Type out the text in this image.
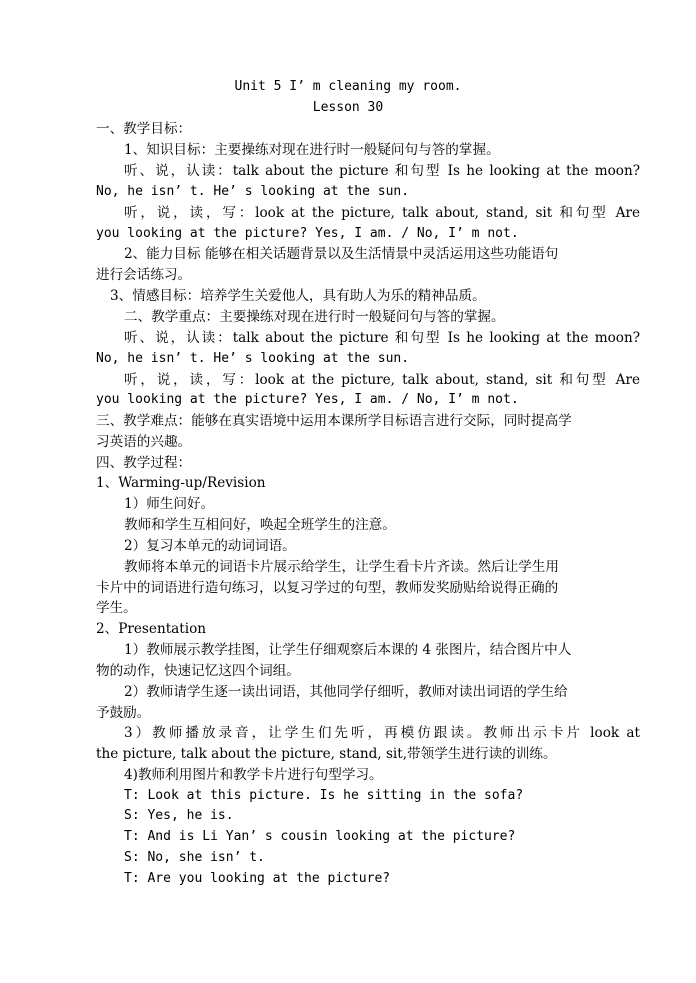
Unit 5 I’ m cleaning my room.
Lesson 30
一、教学目标：
1、知识目标：主要操练对现在进行时一般疑问句与答的掌握。
听、说，认读：talk about the picture 和句型 Is he looking at the moon?
No, he isn’ t. He’ s looking at the sun.
听，说，读，写：look at the picture, talk about, stand, sit 和句型 Are
you looking at the picture? Yes, I am. / No, I’ m not.
2、能力目标 能够在相关话题背景以及生活情景中灵活运用这些功能语句
进行会话练习。
3、情感目标：培养学生关爱他人，具有助人为乐的精神品质。
二、教学重点：主要操练对现在进行时一般疑问句与答的掌握。
听、说，认读：talk about the picture 和句型 Is he looking at the moon?
No, he isn’ t. He’ s looking at the sun.
听，说，读，写：look at the picture, talk about, stand, sit 和句型 Are
you looking at the picture? Yes, I am. / No, I’ m not.
三、教学难点：能够在真实语境中运用本课所学目标语言进行交际，同时提高学
习英语的兴趣。
四、教学过程：
1、Warming-up/Revision
1）师生问好。
教师和学生互相问好，唤起全班学生的注意。
2）复习本单元的动词词语。
教师将本单元的词语卡片展示给学生，让学生看卡片齐读。然后让学生用
卡片中的词语进行造句练习，以复习学过的句型，教师发奖励贴给说得正确的
学生。
2、Presentation
1）教师展示教学挂图，让学生仔细观察后本课的 4 张图片，结合图片中人
物的动作，快速记忆这四个词组。
2）教师请学生逐一读出词语，其他同学仔细听，教师对读出词语的学生给
予鼓励。
3）教师播放录音，让学生们先听，再模仿跟读。教师出示卡片 look at
the picture, talk about the picture, stand, sit,带领学生进行读的训练。
4)教师利用图片和教学卡片进行句型学习。
T: Look at this picture. Is he sitting in the sofa?
S: Yes, he is.
T: And is Li Yan’ s cousin looking at the picture?
S: No, she isn’ t.
T: Are you looking at the picture?
